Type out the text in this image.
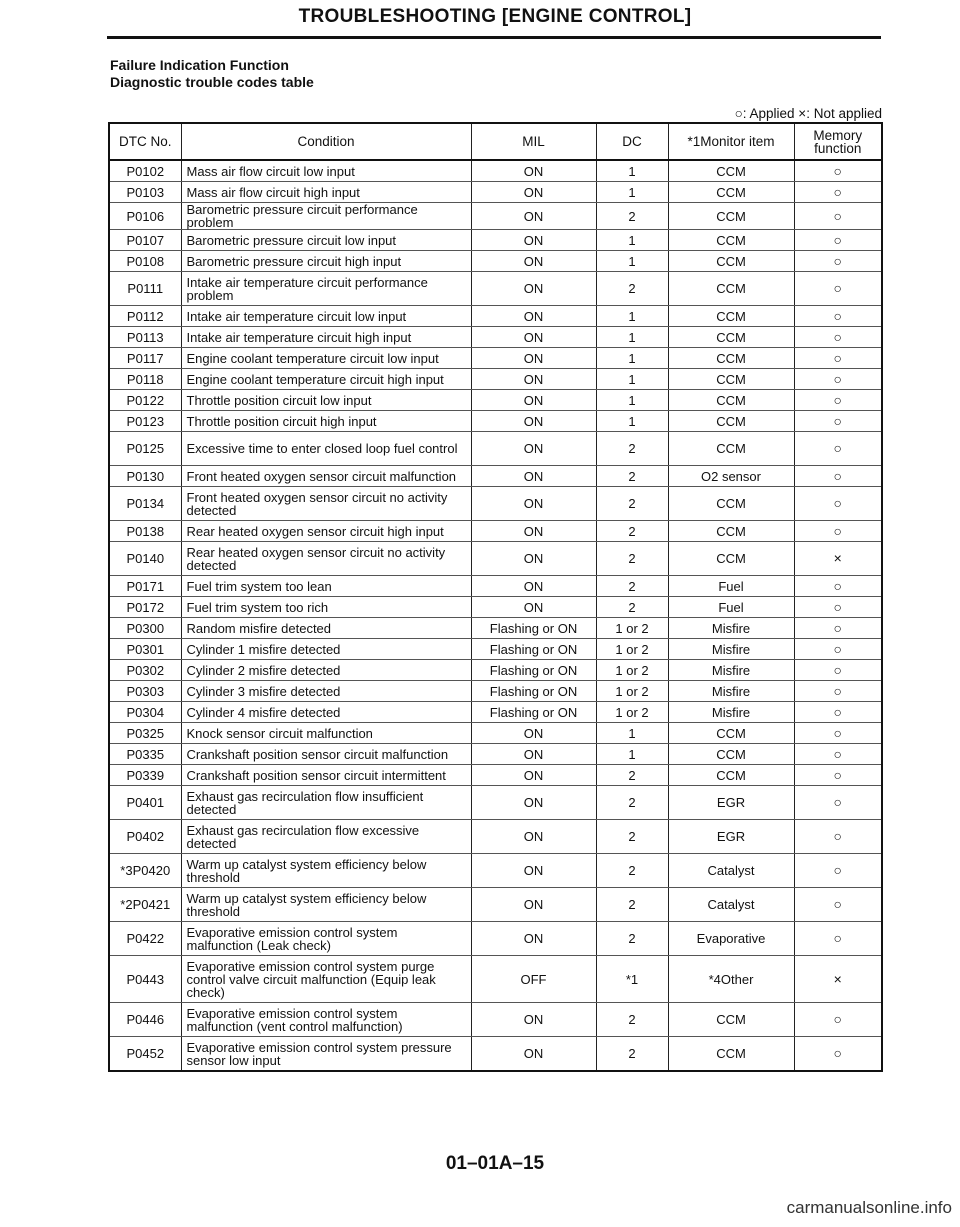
TROUBLESHOOTING [ENGINE CONTROL]
Failure Indication Function
Diagnostic trouble codes table
○: Applied ×: Not applied
DTC No.	Condition	MIL	DC	*1Monitor item	Memory
function
P0102	Mass air flow circuit low input	ON	1	CCM	○
P0103	Mass air flow circuit high input	ON	1	CCM	○
P0106	Barometric pressure circuit performance problem	ON	2	CCM	○
P0107	Barometric pressure circuit low input	ON	1	CCM	○
P0108	Barometric pressure circuit high input	ON	1	CCM	○
P0111	Intake air temperature circuit performance problem	ON	2	CCM	○
P0112	Intake air temperature circuit low input	ON	1	CCM	○
P0113	Intake air temperature circuit high input	ON	1	CCM	○
P0117	Engine coolant temperature circuit low input	ON	1	CCM	○
P0118	Engine coolant temperature circuit high input	ON	1	CCM	○
P0122	Throttle position circuit low input	ON	1	CCM	○
P0123	Throttle position circuit high input	ON	1	CCM	○
P0125	Excessive time to enter closed loop fuel control	ON	2	CCM	○
P0130	Front heated oxygen sensor circuit malfunction	ON	2	O2 sensor	○
P0134	Front heated oxygen sensor circuit no activity detected	ON	2	CCM	○
P0138	Rear heated oxygen sensor circuit high input	ON	2	CCM	○
P0140	Rear heated oxygen sensor circuit no activity detected	ON	2	CCM	×
P0171	Fuel trim system too lean	ON	2	Fuel	○
P0172	Fuel trim system too rich	ON	2	Fuel	○
P0300	Random misfire detected	Flashing or ON	1 or 2	Misfire	○
P0301	Cylinder 1 misfire detected	Flashing or ON	1 or 2	Misfire	○
P0302	Cylinder 2 misfire detected	Flashing or ON	1 or 2	Misfire	○
P0303	Cylinder 3 misfire detected	Flashing or ON	1 or 2	Misfire	○
P0304	Cylinder 4 misfire detected	Flashing or ON	1 or 2	Misfire	○
P0325	Knock sensor circuit malfunction	ON	1	CCM	○
P0335	Crankshaft position sensor circuit malfunction	ON	1	CCM	○
P0339	Crankshaft position sensor circuit intermittent	ON	2	CCM	○
P0401	Exhaust gas recirculation flow insufficient detected	ON	2	EGR	○
P0402	Exhaust gas recirculation flow excessive detected	ON	2	EGR	○
*3P0420	Warm up catalyst system efficiency below threshold	ON	2	Catalyst	○
*2P0421	Warm up catalyst system efficiency below threshold	ON	2	Catalyst	○
P0422	Evaporative emission control system malfunction (Leak check)	ON	2	Evaporative	○
P0443	Evaporative emission control system purge control valve circuit malfunction (Equip leak check)	OFF	*1	*4Other	×
P0446	Evaporative emission control system malfunction (vent control malfunction)	ON	2	CCM	○
P0452	Evaporative emission control system pressure sensor low input	ON	2	CCM	○
01–01A–15
carmanualsonline.info
